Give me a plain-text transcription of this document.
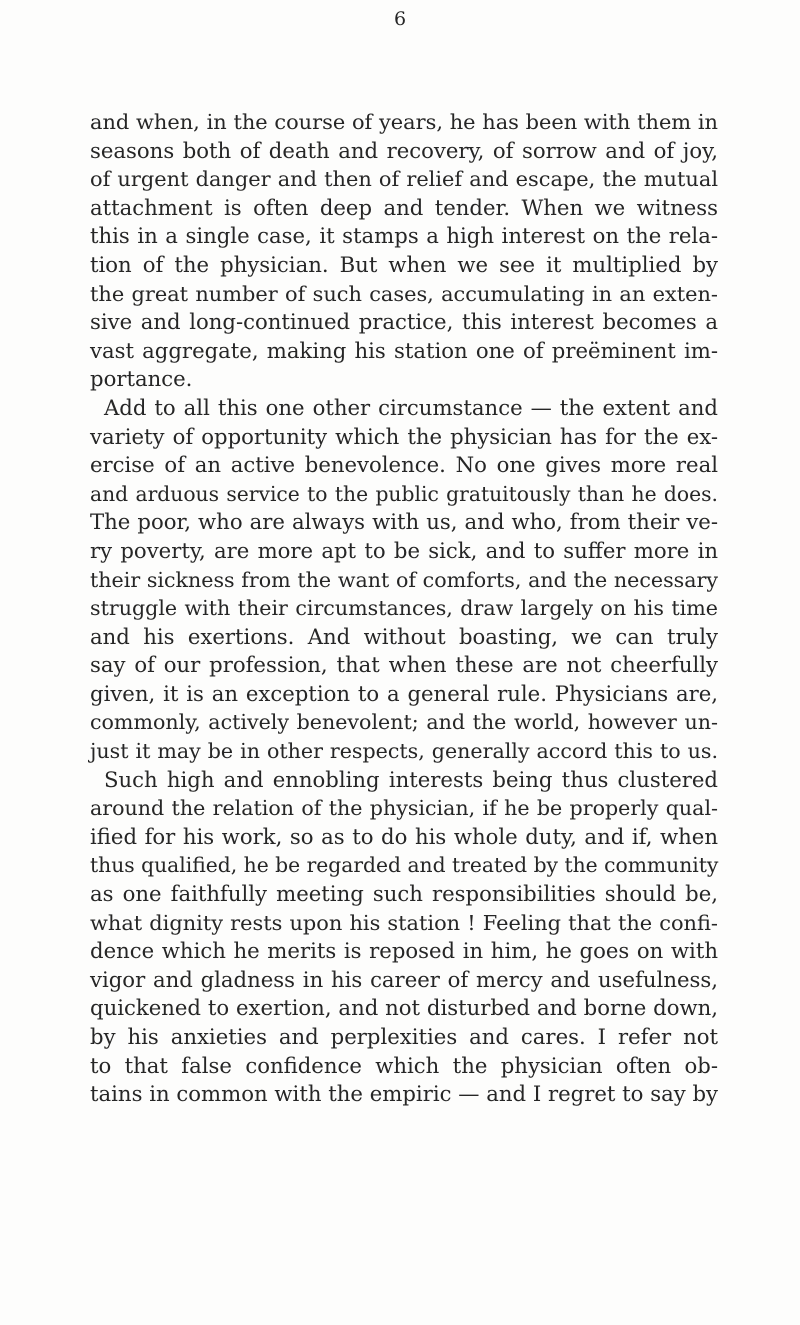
6
and when, in the course of years, he has been with them in
seasons both of death and recovery, of sorrow and of joy,
of urgent danger and then of relief and escape, the mutual
attachment is often deep and tender. When we witness
this in a single case, it stamps a high interest on the rela-
tion of the physician. But when we see it multiplied by
the great number of such cases, accumulating in an exten-
sive and long-continued practice, this interest becomes a
vast aggregate, making his station one of preëminent im-
portance.
Add to all this one other circumstance — the extent and
variety of opportunity which the physician has for the ex-
ercise of an active benevolence. No one gives more real
and arduous service to the public gratuitously than he does.
The poor, who are always with us, and who, from their ve-
ry poverty, are more apt to be sick, and to suffer more in
their sickness from the want of comforts, and the necessary
struggle with their circumstances, draw largely on his time
and his exertions. And without boasting, we can truly
say of our profession, that when these are not cheerfully
given, it is an exception to a general rule. Physicians are,
commonly, actively benevolent; and the world, however un-
just it may be in other respects, generally accord this to us.
Such high and ennobling interests being thus clustered
around the relation of the physician, if he be properly qual-
ified for his work, so as to do his whole duty, and if, when
thus qualified, he be regarded and treated by the community
as one faithfully meeting such responsibilities should be,
what dignity rests upon his station ! Feeling that the confi-
dence which he merits is reposed in him, he goes on with
vigor and gladness in his career of mercy and usefulness,
quickened to exertion, and not disturbed and borne down,
by his anxieties and perplexities and cares. I refer not
to that false confidence which the physician often ob-
tains in common with the empiric — and I regret to say by
